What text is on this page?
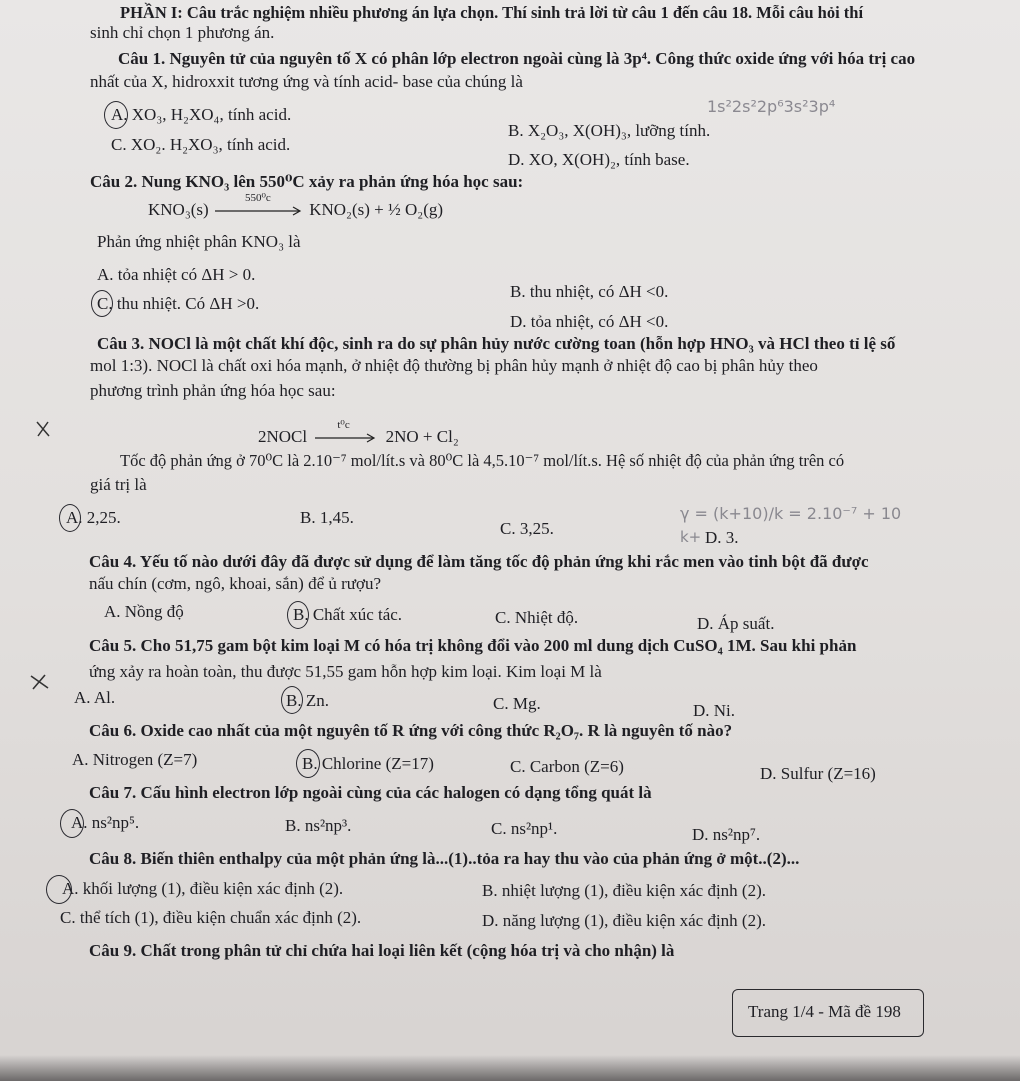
PHẦN I: Câu trắc nghiệm nhiều phương án lựa chọn. Thí sinh trả lời từ câu 1 đến câu 18. Mỗi câu hỏi thí
sinh chỉ chọn 1 phương án.
Câu 1. Nguyên tử của nguyên tố X có phân lớp electron ngoài cùng là 3p⁴. Công thức oxide ứng với hóa trị cao
nhất của X, hidroxxit tương ứng và tính acid- base của chúng là
1s²2s²2p⁶3s²3p⁴
A. XO₃, H₂XO₄, tính acid.
B. X₂O₃, X(OH)₃, lưỡng tính.
C. XO₂. H₂XO₃, tính acid.
D. XO, X(OH)₂, tính base.
Câu 2. Nung KNO₃ lên 550⁰C xảy ra phản ứng hóa học sau:
KNO₃(s)
550⁰c
KNO₂(s) + ½ O₂(g)
Phản ứng nhiệt phân KNO₃ là
A. tỏa nhiệt có ΔH > 0.
B. thu nhiệt, có ΔH <0.
C. thu nhiệt. Có ΔH >0.
D. tỏa nhiệt, có ΔH <0.
Câu 3. NOCl là một chất khí độc, sinh ra do sự phân hủy nước cường toan (hỗn hợp HNO₃ và HCl theo tỉ lệ số
mol 1:3). NOCl là chất oxi hóa mạnh, ở nhiệt độ thường bị phân hủy mạnh ở nhiệt độ cao bị phân hủy theo
phương trình phản ứng hóa học sau:
2NOCl
t⁰c
2NO + Cl₂
Tốc độ phản ứng ở 70⁰C là 2.10⁻⁷ mol/lít.s và 80⁰C là 4,5.10⁻⁷ mol/lít.s. Hệ số nhiệt độ của phản ứng trên có
giá trị là
A. 2,25.	B. 1,45.
C. 3,25.
γ = (k+10)/k = 2.10⁻⁷ + 10
k+ D. 3.
Câu 4. Yếu tố nào dưới đây đã được sử dụng để làm tăng tốc độ phản ứng khi rắc men vào tinh bột đã được
nấu chín (cơm, ngô, khoai, sắn) để ủ rượu?
A. Nồng độ	B. Chất xúc tác.	C. Nhiệt độ.	D. Áp suất.
Câu 5. Cho 51,75 gam bột kim loại M có hóa trị không đổi vào 200 ml dung dịch CuSO₄ 1M. Sau khi phản
ứng xảy ra hoàn toàn, thu được 51,55 gam hỗn hợp kim loại. Kim loại M là
A. Al.	B. Zn.	C. Mg.	D. Ni.
Câu 6. Oxide cao nhất của một nguyên tố R ứng với công thức R₂O₇. R là nguyên tố nào?
A. Nitrogen (Z=7)	B. Chlorine (Z=17)	C. Carbon (Z=6)	D. Sulfur (Z=16)
Câu 7. Cấu hình electron lớp ngoài cùng của các halogen có dạng tổng quát là
A. ns²np⁵.	B. ns²np³.	C. ns²np¹.	D. ns²np⁷.
Câu 8. Biến thiên enthalpy của một phản ứng là...(1)..tỏa ra hay thu vào của phản ứng ở một..(2)...
A. khối lượng (1), điều kiện xác định (2).	B. nhiệt lượng (1), điều kiện xác định (2).
C. thể tích (1), điều kiện chuẩn xác định (2).	D. năng lượng (1), điều kiện xác định (2).
Câu 9. Chất trong phân tử chỉ chứa hai loại liên kết (cộng hóa trị và cho nhận) là
Trang 1/4 - Mã đề 198
